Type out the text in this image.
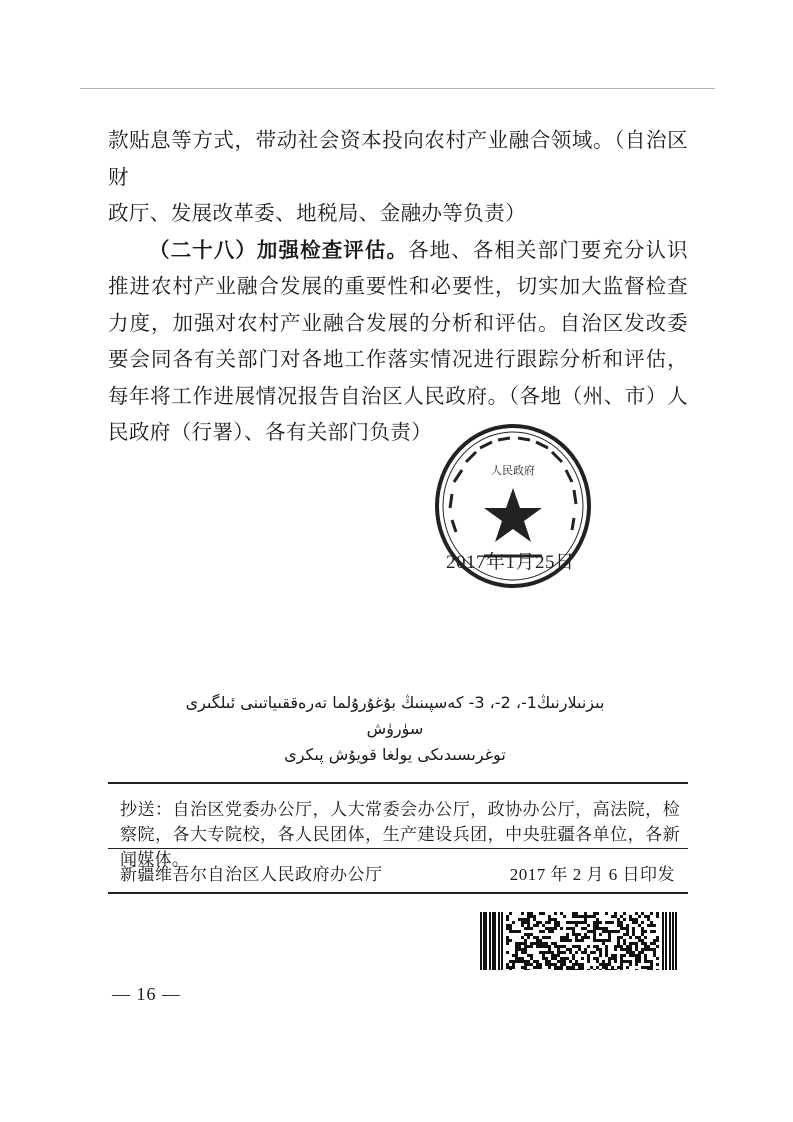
款贴息等方式，带动社会资本投向农村产业融合领域。（自治区财
政厅、发展改革委、地税局、金融办等负责）

（二十八）加强检查评估。各地、各相关部门要充分认识推进农村产业融合发展的重要性和必要性，切实加大监督检查力度，加强对农村产业融合发展的分析和评估。自治区发改委要会同各有关部门对各地工作落实情况进行跟踪分析和评估，每年将工作进展情况报告自治区人民政府。（各地（州、市）人民政府（行署）、各有关部门负责）

人民政府
2017年1月25日
بىزنىلارنىڭ1-، 2-، 3- كەسپىنىڭ بۇغۇرۇلما تەرەققىياتىنى ئىلگىرى سۈرۈش
توغرىسىدىكى يولغا قويۇش پىكرى

抄送：自治区党委办公厅，人大常委会办公厅，政协办公厅，高法院，检察院，各大专院校，各人民团体，生产建设兵团，中央驻疆各单位，各新闻媒体。

新疆维吾尔自治区人民政府办公厅	2017 年 2 月 6 日印发
— 16 —
